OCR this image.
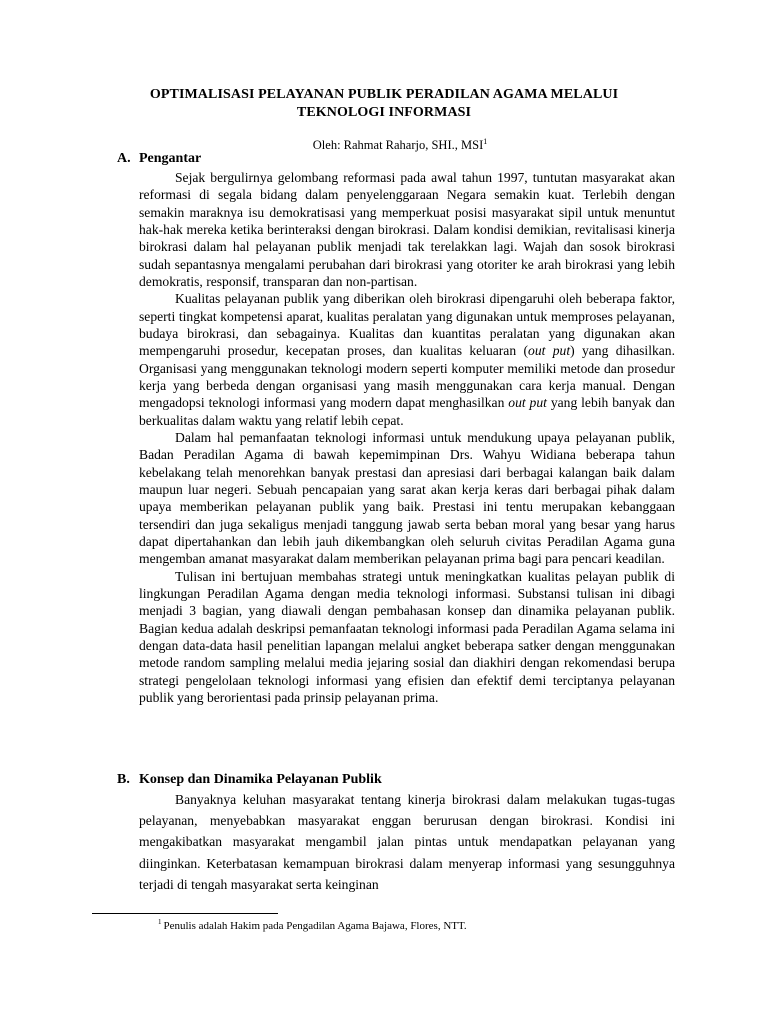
OPTIMALISASI PELAYANAN PUBLIK PERADILAN AGAMA MELALUI
TEKNOLOGI INFORMASI
Oleh: Rahmat Raharjo, SHI., MSI$^1$
A. Pengantar

Sejak bergulirnya gelombang reformasi pada awal tahun 1997, tuntutan masyarakat akan reformasi di segala bidang dalam penyelenggaraan Negara semakin kuat. Terlebih dengan semakin maraknya isu demokratisasi yang memperkuat posisi masyarakat sipil untuk menuntut hak-hak mereka ketika berinteraksi dengan birokrasi. Dalam kondisi demikian, revitalisasi kinerja birokrasi dalam hal pelayanan publik menjadi tak terelakkan lagi. Wajah dan sosok birokrasi sudah sepantasnya mengalami perubahan dari birokrasi yang otoriter ke arah birokrasi yang lebih demokratis, responsif, transparan dan non-partisan.

Kualitas pelayanan publik yang diberikan oleh birokrasi dipengaruhi oleh beberapa faktor, seperti tingkat kompetensi aparat, kualitas peralatan yang digunakan untuk memproses pelayanan, budaya birokrasi, dan sebagainya. Kualitas dan kuantitas peralatan yang digunakan akan mempengaruhi prosedur, kecepatan proses, dan kualitas keluaran (out put) yang dihasilkan. Organisasi yang menggunakan teknologi modern seperti komputer memiliki metode dan prosedur kerja yang berbeda dengan organisasi yang masih menggunakan cara kerja manual. Dengan mengadopsi teknologi informasi yang modern dapat menghasilkan out put yang lebih banyak dan berkualitas dalam waktu yang relatif lebih cepat.

Dalam hal pemanfaatan teknologi informasi untuk mendukung upaya pelayanan publik, Badan Peradilan Agama di bawah kepemimpinan Drs. Wahyu Widiana beberapa tahun kebelakang telah menorehkan banyak prestasi dan apresiasi dari berbagai kalangan baik dalam maupun luar negeri. Sebuah pencapaian yang sarat akan kerja keras dari berbagai pihak dalam upaya memberikan pelayanan publik yang baik. Prestasi ini tentu merupakan kebanggaan tersendiri dan juga sekaligus menjadi tanggung jawab serta beban moral yang besar yang harus dapat dipertahankan dan lebih jauh dikembangkan oleh seluruh civitas Peradilan Agama guna mengemban amanat masyarakat dalam memberikan pelayanan prima bagi para pencari keadilan.

Tulisan ini bertujuan membahas strategi untuk meningkatkan kualitas pelayan publik di lingkungan Peradilan Agama dengan media teknologi informasi. Substansi tulisan ini dibagi menjadi 3 bagian, yang diawali dengan pembahasan konsep dan dinamika pelayanan publik. Bagian kedua adalah deskripsi pemanfaatan teknologi informasi pada Peradilan Agama selama ini dengan data-data hasil penelitian lapangan melalui angket beberapa satker dengan menggunakan metode random sampling melalui media jejaring sosial dan diakhiri dengan rekomendasi berupa strategi pengelolaan teknologi informasi yang efisien dan efektif demi terciptanya pelayanan publik yang berorientasi pada prinsip pelayanan prima.

B. Konsep dan Dinamika Pelayanan Publik

Banyaknya keluhan masyarakat tentang kinerja birokrasi dalam melakukan tugas-tugas pelayanan, menyebabkan masyarakat enggan berurusan dengan birokrasi. Kondisi ini mengakibatkan masyarakat mengambil jalan pintas untuk mendapatkan pelayanan yang diinginkan. Keterbatasan kemampuan birokrasi dalam menyerap informasi yang sesungguhnya terjadi di tengah masyarakat serta keinginan

$^1$ Penulis adalah Hakim pada Pengadilan Agama Bajawa, Flores, NTT.
